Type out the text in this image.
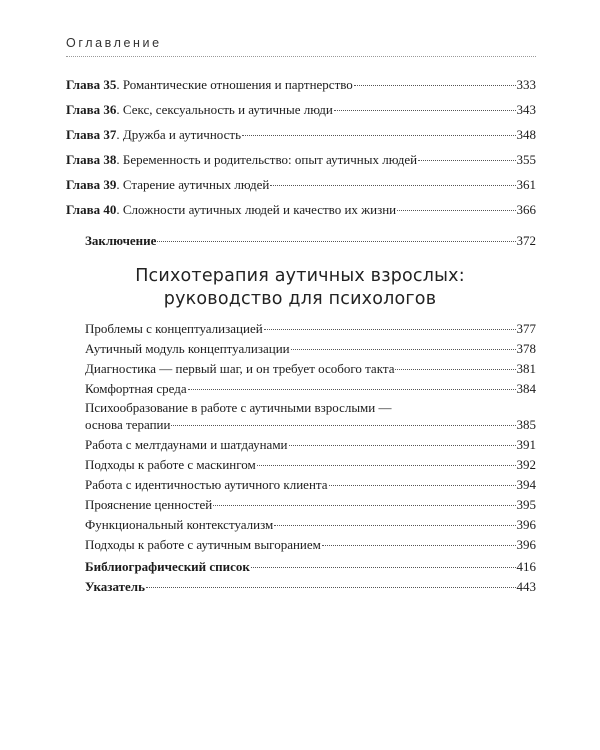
Оглавление
Глава 35. Романтические отношения и партнерство	333
Глава 36. Секс, сексуальность и аутичные люди	343
Глава 37. Дружба и аутичность	348
Глава 38. Беременность и родительство: опыт аутичных людей	355
Глава 39. Старение аутичных людей	361
Глава 40. Сложности аутичных людей и качество их жизни	366
Заключение	372
Психотерапия аутичных взрослых:
руководство для психологов
Проблемы с концептуализацией	377
Аутичный модуль концептуализации	378
Диагностика — первый шаг, и он требует особого такта	381
Комфортная среда	384
Психообразование в работе с аутичными взрослыми —
основа терапии	385
Работа с мелтдаунами и шатдаунами	391
Подходы к работе с маскингом	392
Работа с идентичностью аутичного клиента	394
Прояснение ценностей	395
Функциональный контекстуализм	396
Подходы к работе с аутичным выгоранием	396
Библиографический список	416
Указатель	443
